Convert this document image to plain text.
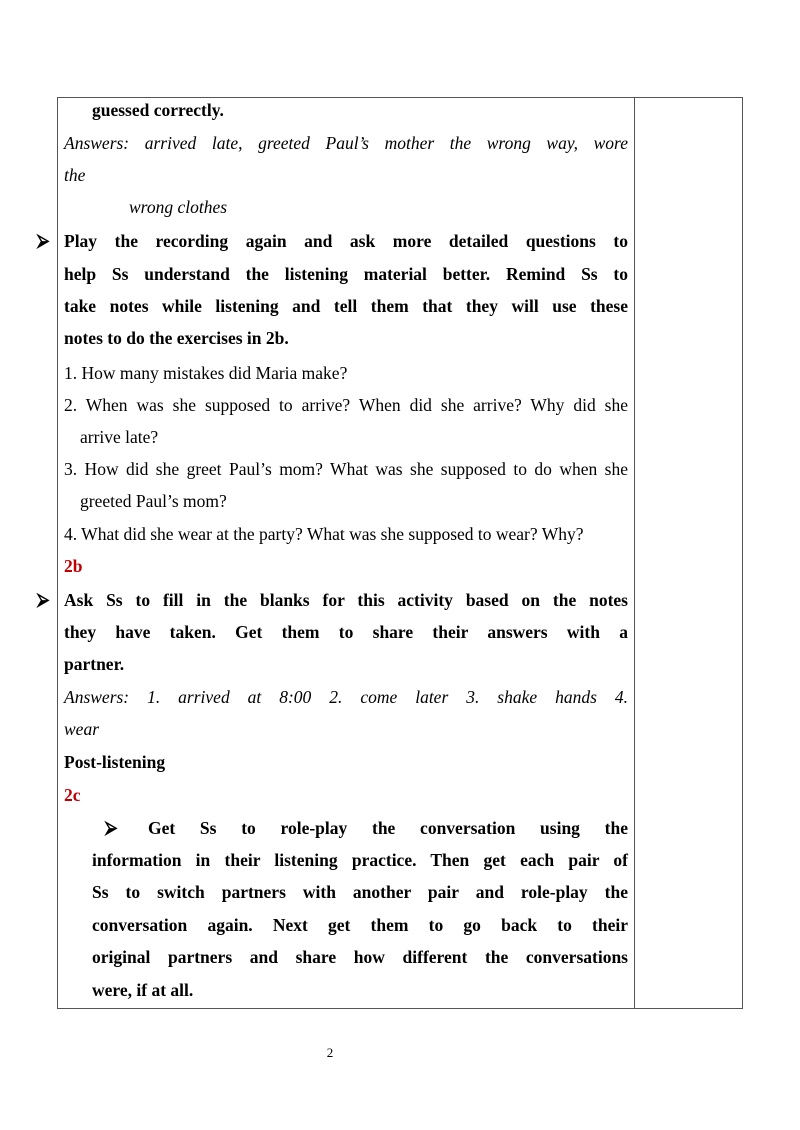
guessed correctly.
Answers: arrived late, greeted Paul’s mother the wrong way, wore
the
wrong clothes
⮚ Play the recording again and ask more detailed questions to
help Ss understand the listening material better. Remind Ss to
take notes while listening and tell them that they will use these
notes to do the exercises in 2b.
1. How many mistakes did Maria make?
2. When was she supposed to arrive? When did she arrive? Why did she
arrive late?
3. How did she greet Paul’s mom? What was she supposed to do when she
greeted Paul’s mom?
4. What did she wear at the party? What was she supposed to wear? Why?
2b
⮚ Ask Ss to fill in the blanks for this activity based on the notes
they have taken. Get them to share their answers with a
partner.
Answers: 1. arrived at 8:00 2. come later 3. shake hands 4.
wear
Post-listening
2c
⮚ Get Ss to role-play the conversation using the
information in their listening practice. Then get each pair of
Ss to switch partners with another pair and role-play the
conversation again. Next get them to go back to their
original partners and share how different the conversations
were, if at all.
2
